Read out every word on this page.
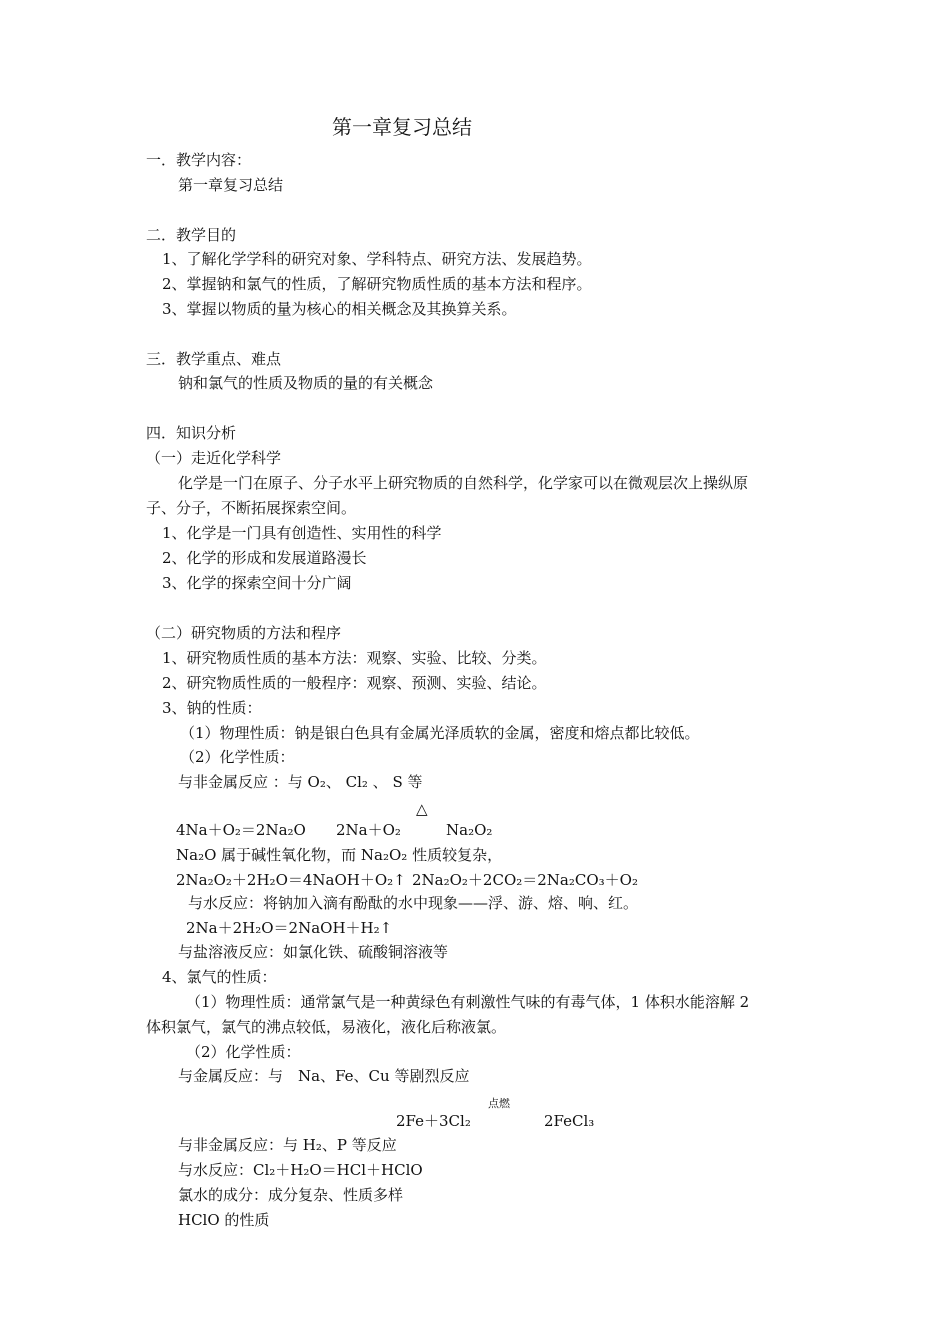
第一章复习总结
一．教学内容：
第一章复习总结
二．教学目的
1、了解化学学科的研究对象、学科特点、研究方法、发展趋势。
2、掌握钠和氯气的性质，了解研究物质性质的基本方法和程序。
3、掌握以物质的量为核心的相关概念及其换算关系。
三．教学重点、难点
钠和氯气的性质及物质的量的有关概念
四．知识分析
（一）走近化学科学
化学是一门在原子、分子水平上研究物质的自然科学，化学家可以在微观层次上操纵原
子、分子，不断拓展探索空间。
1、化学是一门具有创造性、实用性的科学
2、化学的形成和发展道路漫长
3、化学的探索空间十分广阔
（二）研究物质的方法和程序
1、研究物质性质的基本方法：观察、实验、比较、分类。
2、研究物质性质的一般程序：观察、预测、实验、结论。
3、钠的性质：
（1）物理性质：钠是银白色具有金属光泽质软的金属，密度和熔点都比较低。
（2）化学性质：
与非金属反应 ：与 O₂、 Cl₂ 、 S 等
△
4Na＋O₂＝2Na₂O 2Na＋O₂	Na₂O₂
Na₂O 属于碱性氧化物，而 Na₂O₂ 性质较复杂，
2Na₂O₂＋2H₂O＝4NaOH＋O₂↑ 2Na₂O₂＋2CO₂＝2Na₂CO₃＋O₂
与水反应：将钠加入滴有酚酞的水中现象——浮、游、熔、响、红。
2Na＋2H₂O＝2NaOH＋H₂↑
与盐溶液反应：如氯化铁、硫酸铜溶液等
4、氯气的性质：
（1）物理性质：通常氯气是一种黄绿色有刺激性气味的有毒气体，1 体积水能溶解 2
体积氯气，氯气的沸点较低，易液化，液化后称液氯。
（2）化学性质：
与金属反应：与　Na、Fe、Cu 等剧烈反应
点燃
2Fe＋3Cl₂	2FeCl₃
与非金属反应：与 H₂、P 等反应
与水反应：Cl₂＋H₂O＝HCl＋HClO
氯水的成分：成分复杂、性质多样
HClO 的性质
